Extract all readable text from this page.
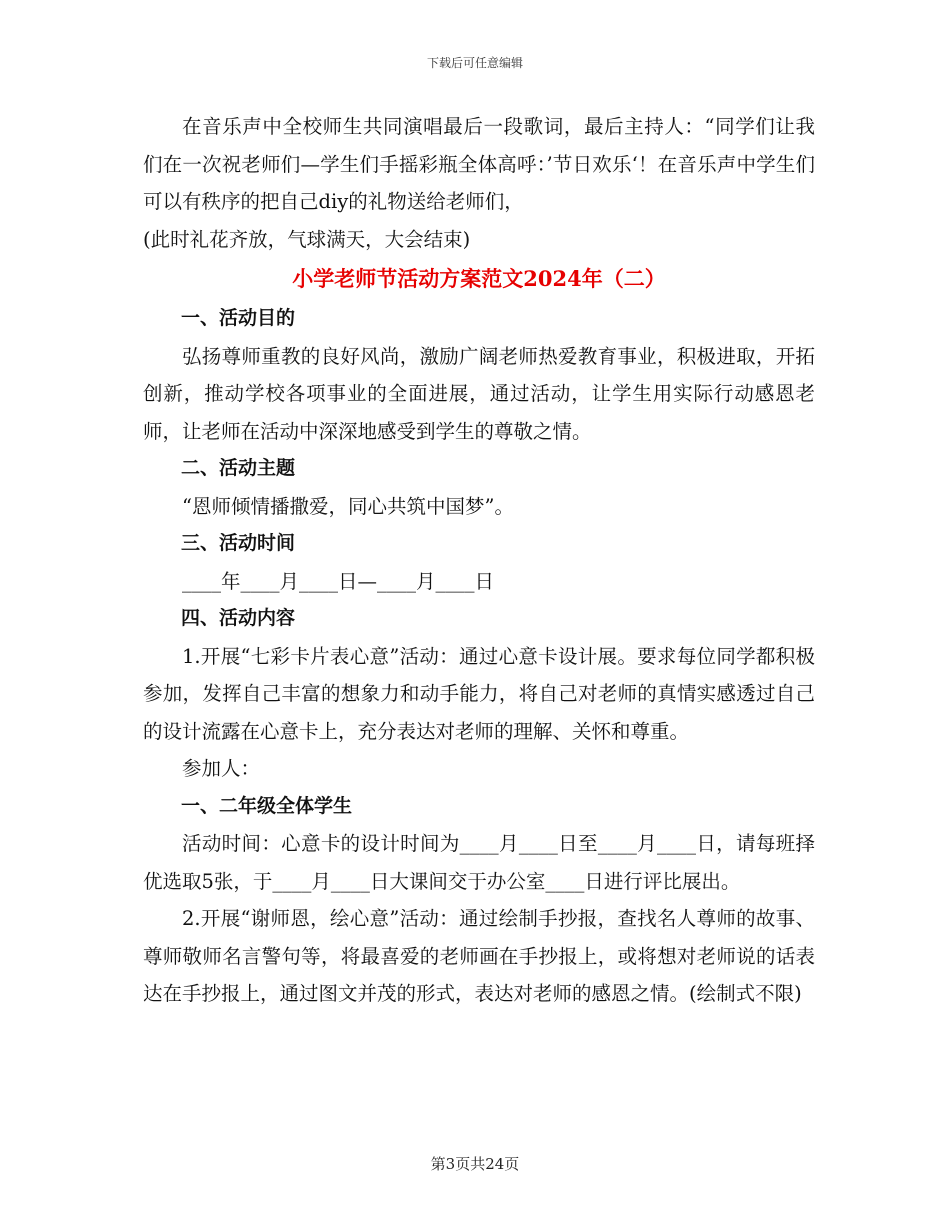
下载后可任意编辑

在音乐声中全校师生共同演唱最后一段歌词，最后主持人：“同学们让我们在一次祝老师们—学生们手摇彩瓶全体高呼：’节日欢乐‘！在音乐声中学生们可以有秩序的把自己diy的礼物送给老师们，

(此时礼花齐放，气球满天，大会结束)

小学老师节活动方案范文2024年（二）

一、活动目的

弘扬尊师重教的良好风尚，激励广阔老师热爱教育事业，积极进取，开拓创新，推动学校各项事业的全面进展，通过活动，让学生用实际行动感恩老师，让老师在活动中深深地感受到学生的尊敬之情。

二、活动主题

“恩师倾情播撒爱，同心共筑中国梦”。

三、活动时间

____年____月____日—____月____日

四、活动内容

1.开展“七彩卡片表心意”活动：通过心意卡设计展。要求每位同学都积极参加，发挥自己丰富的想象力和动手能力，将自己对老师的真情实感透过自己的设计流露在心意卡上，充分表达对老师的理解、关怀和尊重。

参加人：

一、二年级全体学生

活动时间：心意卡的设计时间为____月____日至____月____日，请每班择优选取5张，于____月____日大课间交于办公室____日进行评比展出。

2.开展“谢师恩，绘心意”活动：通过绘制手抄报，查找名人尊师的故事、尊师敬师名言警句等，将最喜爱的老师画在手抄报上，或将想对老师说的话表达在手抄报上，通过图文并茂的形式，表达对老师的感恩之情。(绘制式不限)

第3页共24页
